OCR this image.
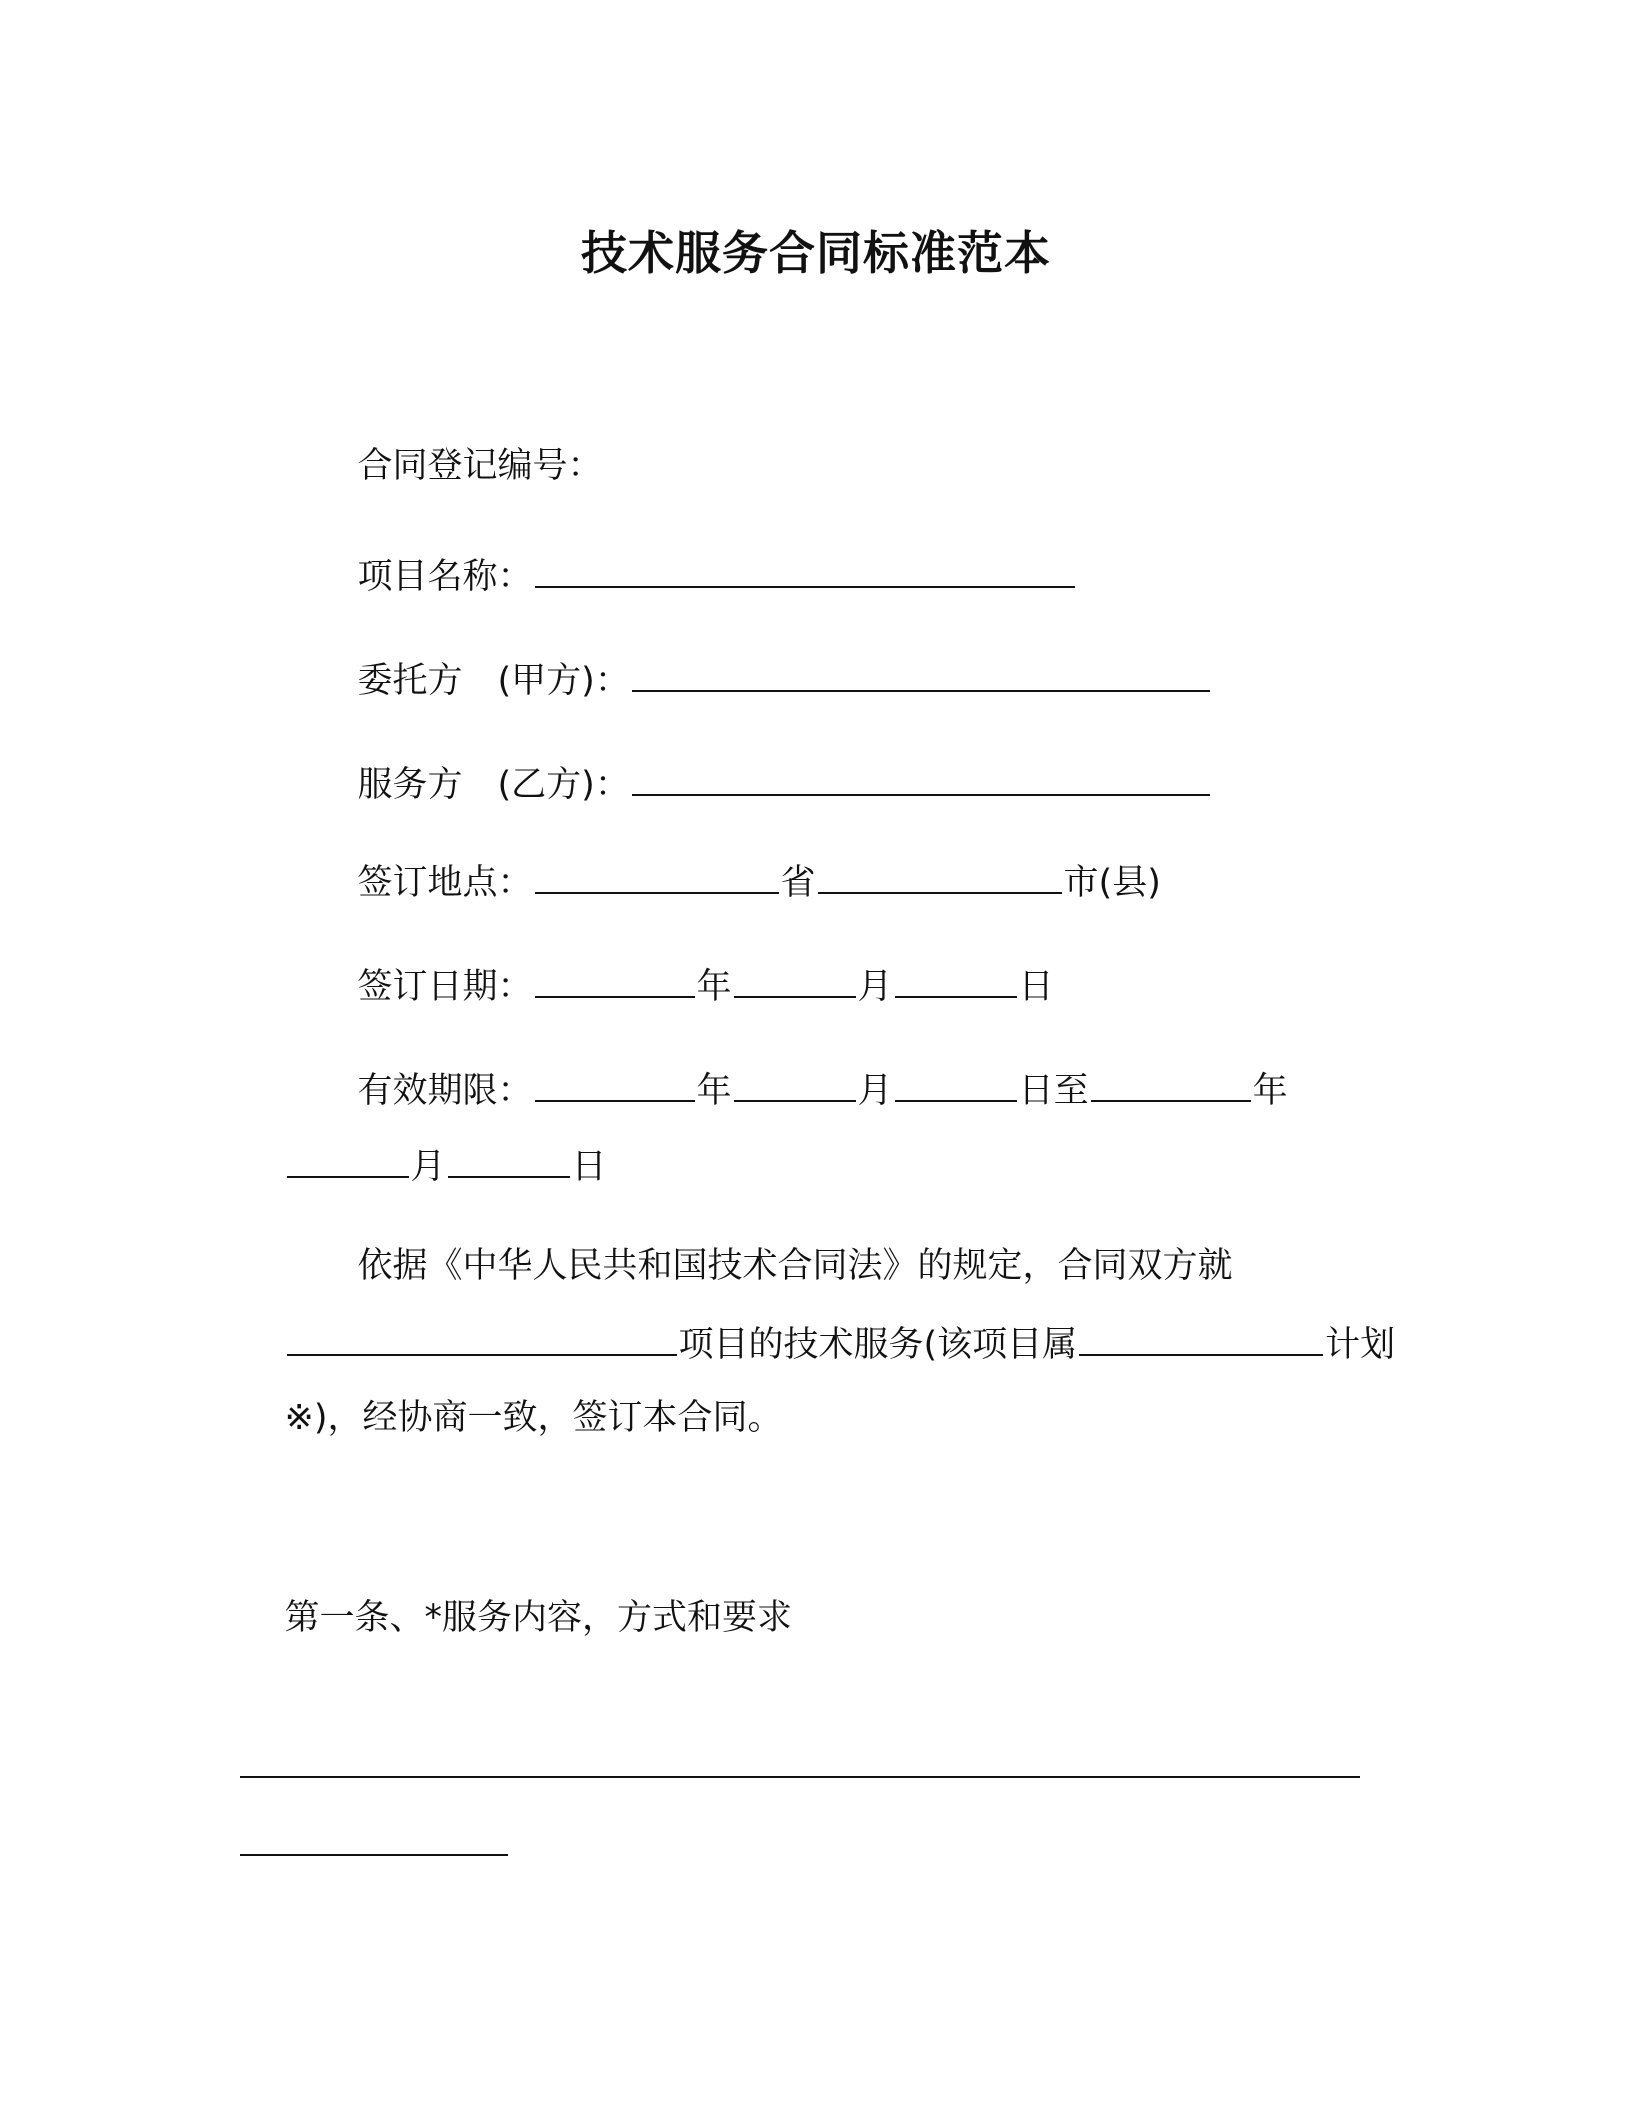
技术服务合同标准范本

合同登记编号：

项目名称：

委托方　(甲方)：

服务方　(乙方)：

签订地点：	省	市(县)

签订日期：	年	月	日

有效期限：	年	月	日至	年

月	日

依据《中华人民共和国技术合同法》的规定，合同双方就

项目的技术服务(该项目属	计划

※)，经协商一致，签订本合同。

第一条、*服务内容，方式和要求
